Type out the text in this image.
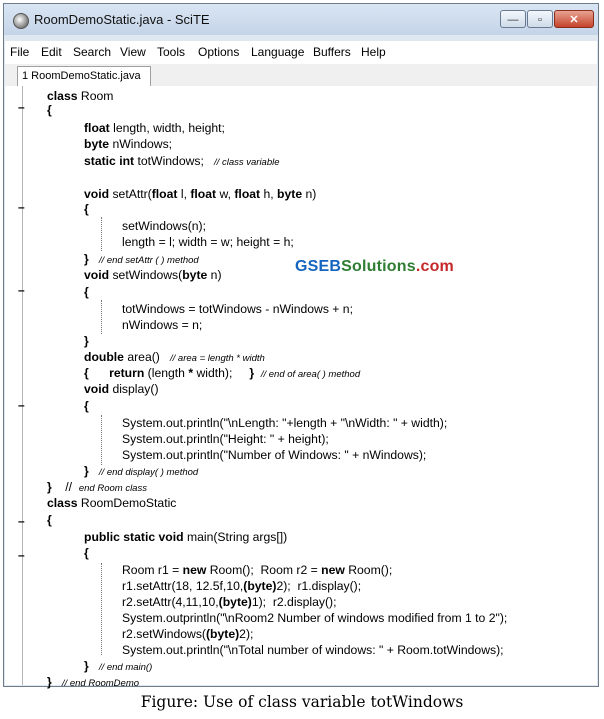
RoomDemoStatic.java - SciTE	—	▫	✕
File Edit Search View Tools Options Language Buffers Help
1 RoomDemoStatic.java
–
–
–
–
–
–
class Room
{
float length, width, height;
byte nWindows;
static int totWindows;   // class variable
void setAttr(float l, float w, float h, byte n)
{
setWindows(n);
length = l; width = w; height = h;
} // end setAttr ( ) method
void setWindows(byte n)
{
totWindows = totWindows - nWindows + n;
nWindows = n;
}
double area()   // area = length * width
{ return (length * width);     } // end of area( ) method
void display()
{
System.out.println("\nLength: "+length + "\nWidth: " + width);
System.out.println("Height: " + height);
System.out.println("Number of Windows: " + nWindows);
} // end display( ) method
}    //  end Room class
class RoomDemoStatic
{
public static void main(String args[])
{
Room r1 = new Room();  Room r2 = new Room();
r1.setAttr(18, 12.5f,10,(byte)2);  r1.display();
r2.setAttr(4,11,10,(byte)1);  r2.display();
System.outprintln("\nRoom2 Number of windows modified from 1 to 2");
r2.setWindows((byte)2);
System.out.println("\nTotal number of windows: " + Room.totWindows);
} // end main()
} // end RoomDemo
GSEBSolutions.com
Figure: Use of class variable totWindows
